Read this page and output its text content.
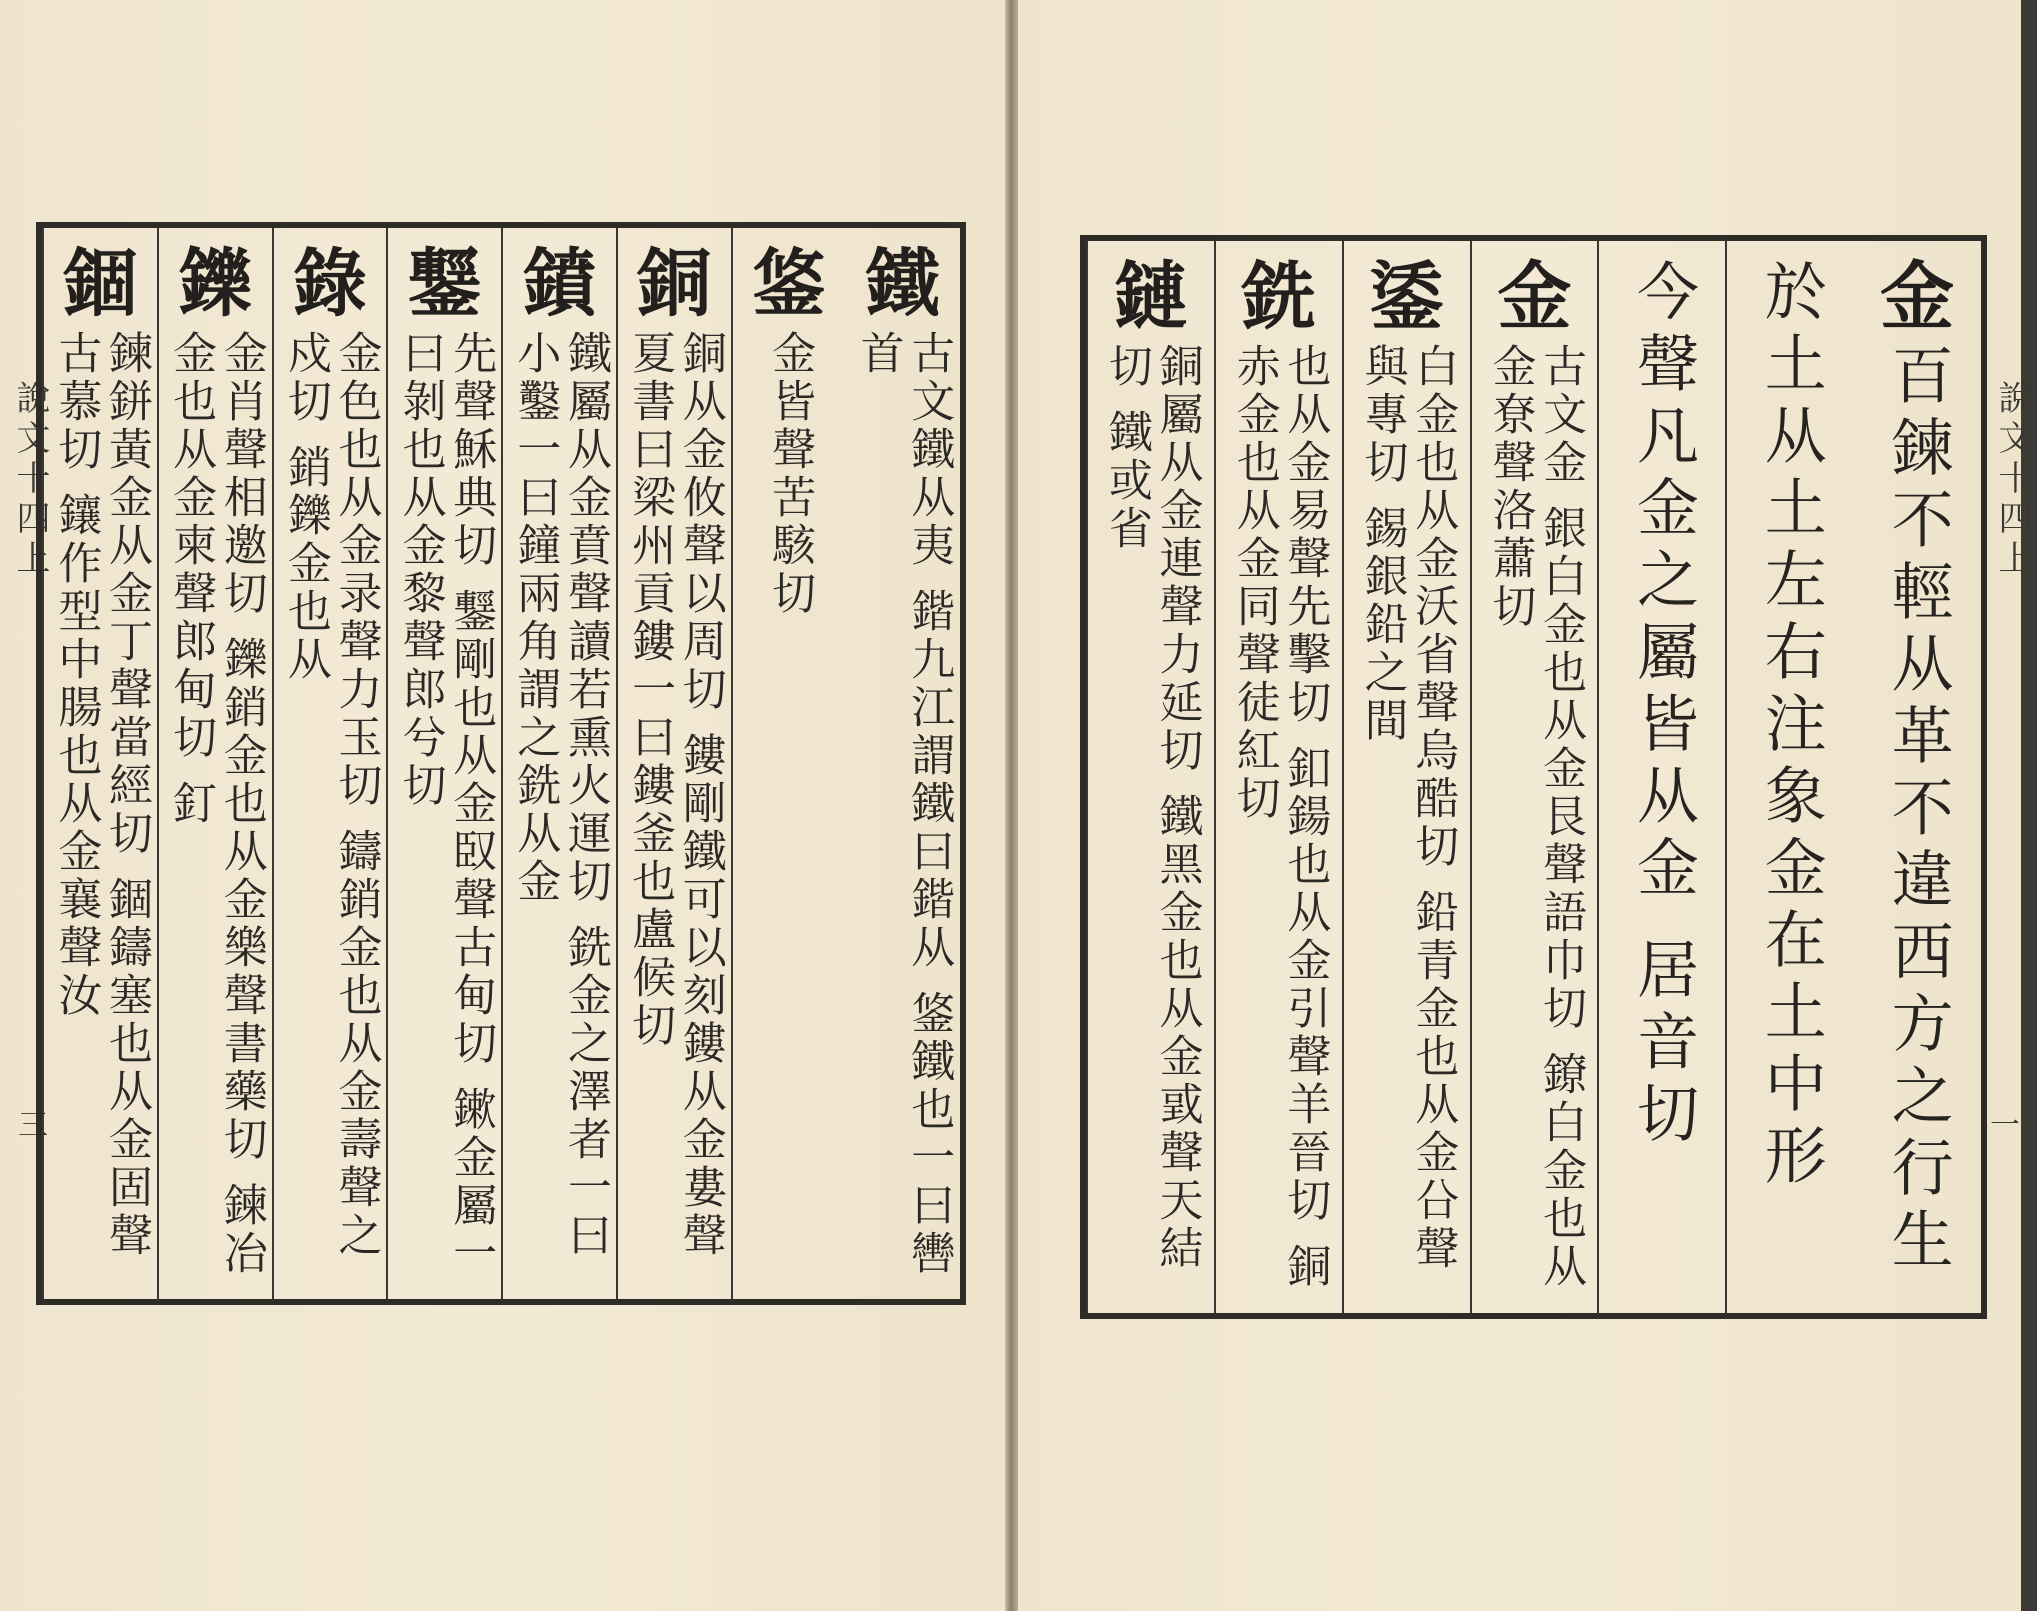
說文十四上
三
鐵
古文鐵从夷 鍇九江謂鐵曰鍇从 鋚鐵也一曰轡首
鋚
金皆聲苦駭切
銅
銅从金攸聲以周切 鏤剛鐵可以刻鏤从金婁聲夏書曰梁州貢鏤一曰鏤釜也盧候切
鐼
鐵屬从金賁聲讀若熏火運切 銑金之澤者一曰小鑿一曰鐘兩角謂之銑从金
鑋
先聲穌典切 鑋剛也从金臤聲古甸切 鏉金屬一曰剝也从金黎聲郎兮切
錄
金色也从金录聲力玉切 鑄銷金也从金壽聲之戍切 銷鑠金也从
鑠
金肖聲相邀切 鑠銷金也从金樂聲書藥切 鍊冶金也从金柬聲郎甸切 釘
錮
鍊鉼黃金从金丁聲當經切 錮鑄塞也从金固聲古慕切 鑲作型中腸也从金襄聲汝	說文十四上
一
金
百鍊不輕从革不違西方之行生
於土从土左右注象金在土中形
今聲凡金之屬皆从金 居音切
金
古文金 銀白金也从金艮聲語巾切 鐐白金也从金尞聲洛蕭切
鋈
白金也从金沃省聲烏酷切 鉛青金也从金㕣聲與專切 錫銀鉛之間
銑
也从金易聲先擊切 釦鍚也从金引聲羊晉切 銅赤金也从金同聲徒紅切
鏈
銅屬从金連聲力延切 鐵黑金也从金戜聲天結切 鐵或省
